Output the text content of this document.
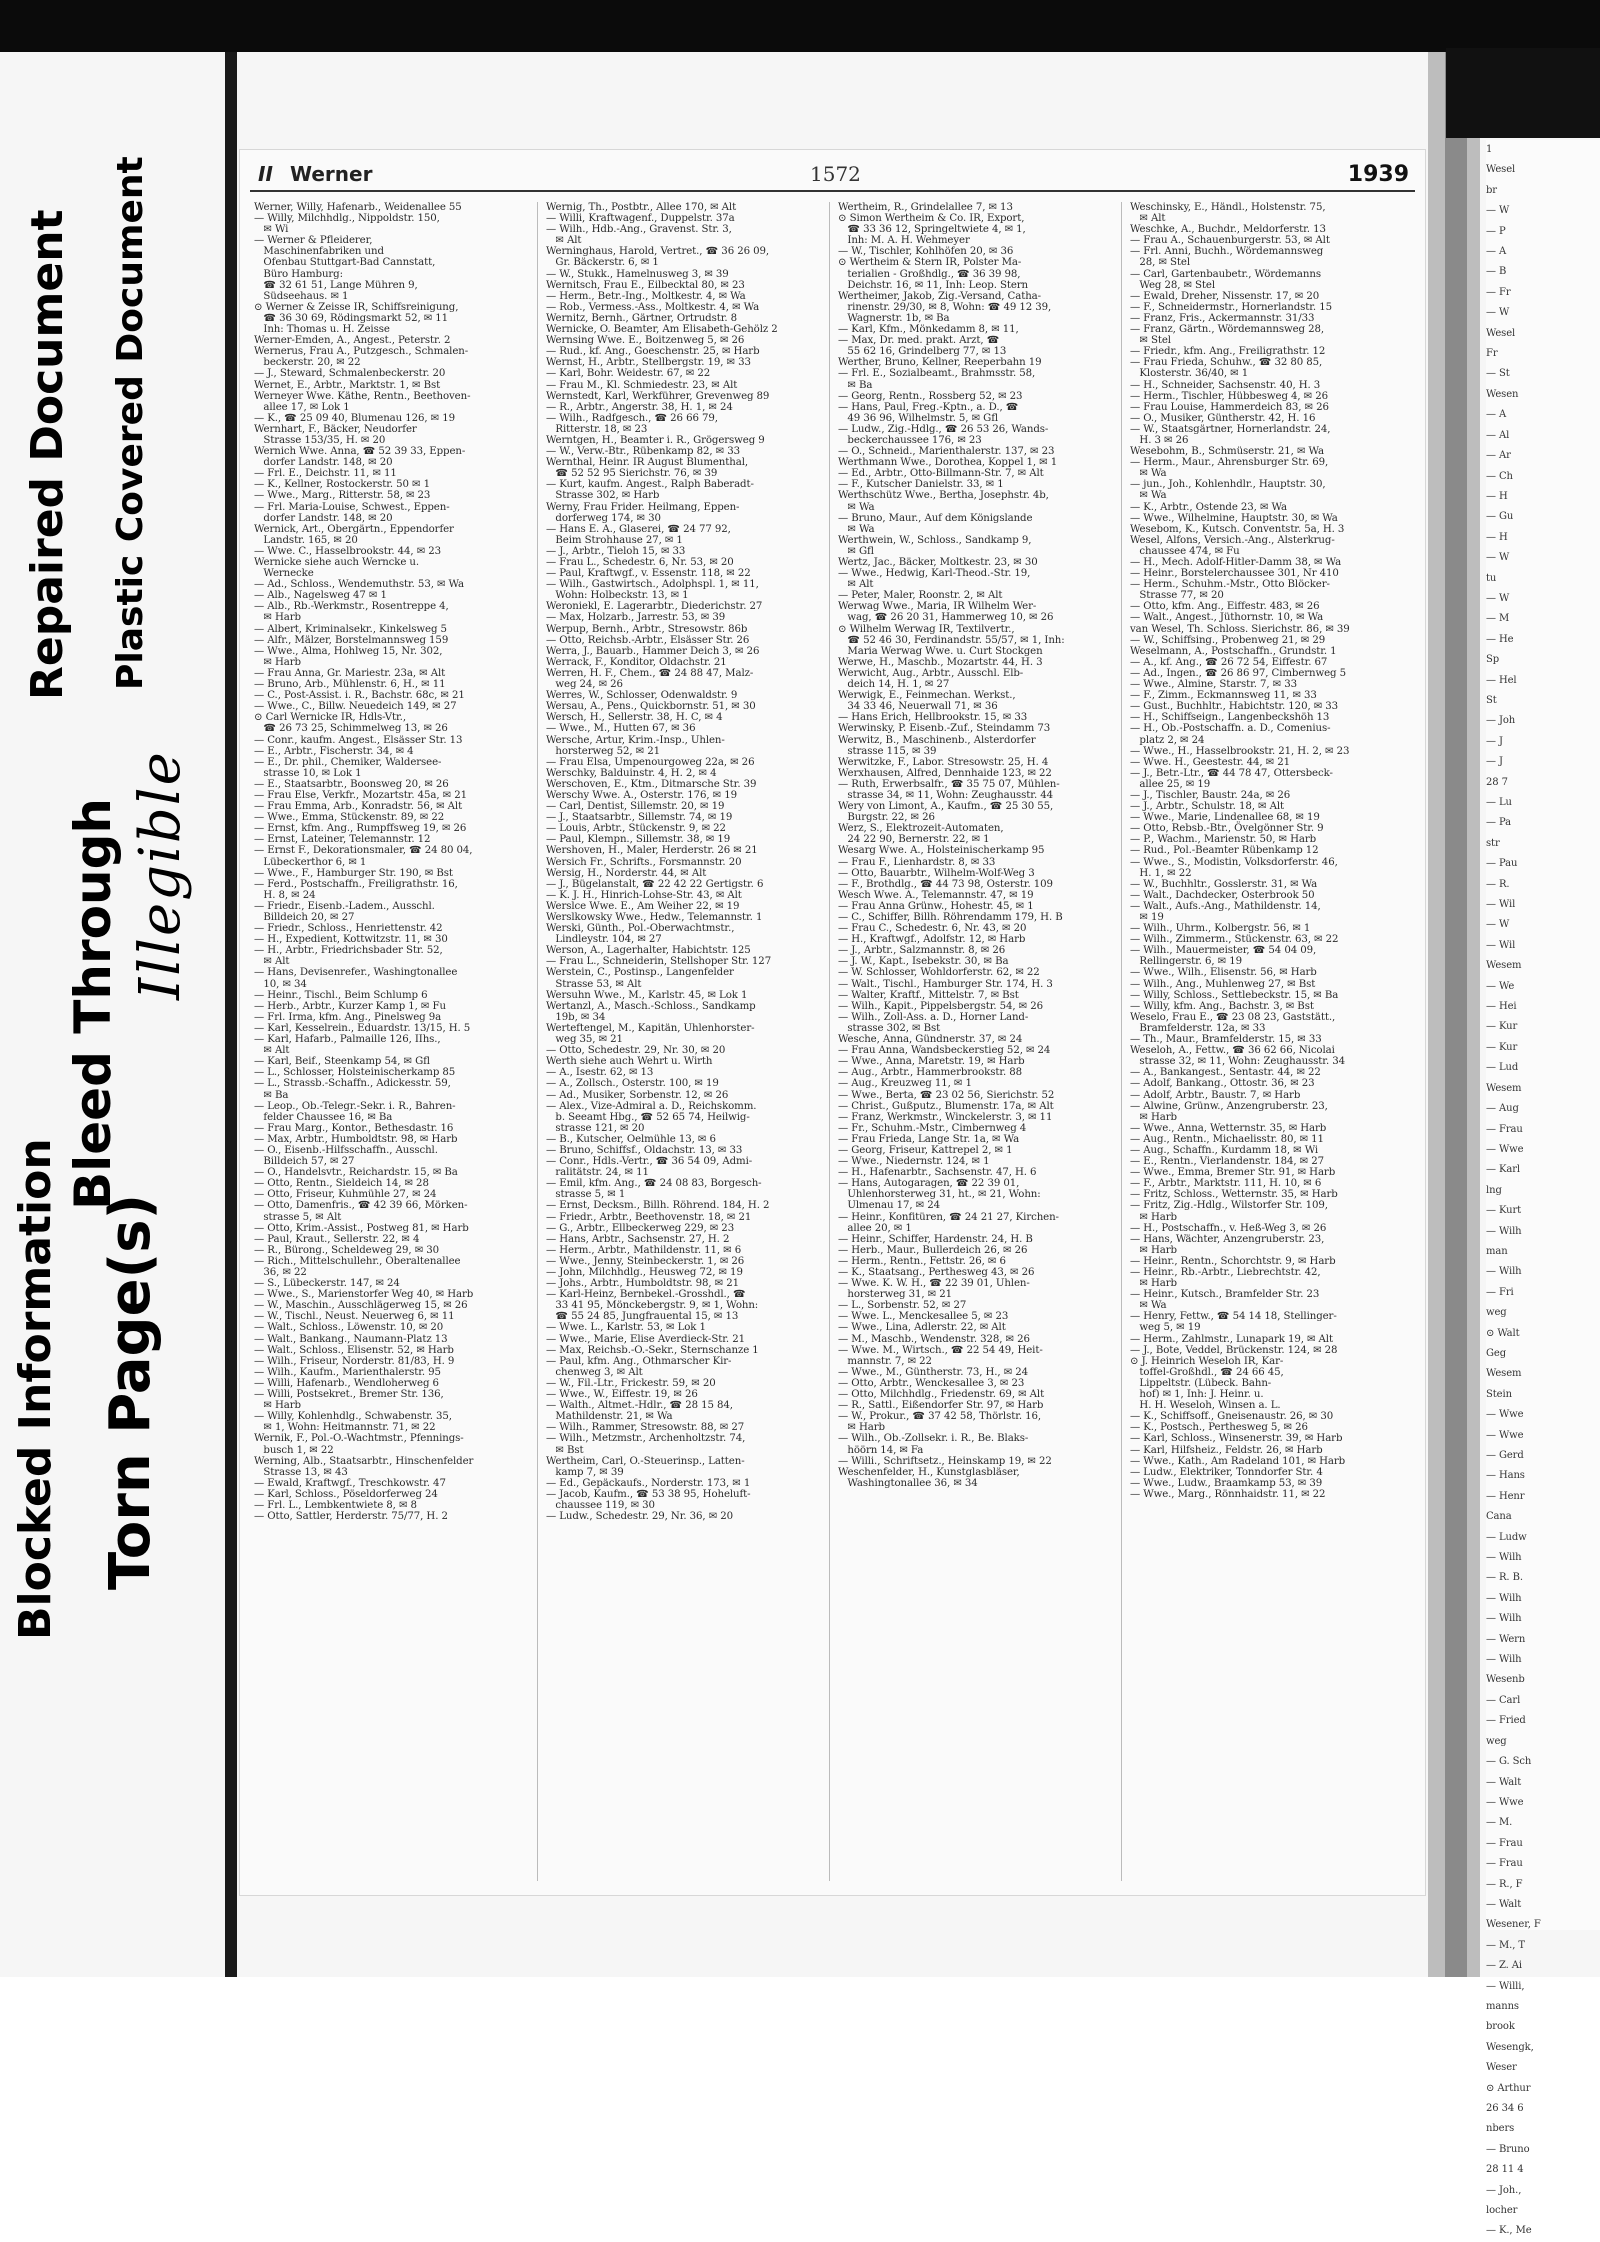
1
Wesel
br
— W
— P
— A
— B
— Fr
— W
Wesel
Fr
— St
Wesen
— A
— Al
— Ar
— Ch
— H
— Gu
— H
— W
tu
— W
— M
— He
Sp
— Hel
St
— Joh
— J
— J
28 7
— Lu
— Pa
str
— Pau
— R.
— Wil
— W
— Wil
Wesem
— We
— Hei
— Kur
— Kur
— Lud
Wesem
— Aug
— Frau
— Wwe
— Karl
lng
— Kurt
— Wilh
man
— Wilh
— Fri
weg
⊙ Walt
Geg
Wesem
Stein
— Wwe
— Wwe
— Gerd
— Hans
— Henr
Cana
— Ludw
— Wilh
— R. B.
— Wilh
— Wilh
— Wern
— Wilh
Wesenb
— Carl
— Fried
weg
— G. Sch
— Walt
— Wwe
— M.
— Frau
— Frau
— R., F
— Walt
Wesener, F
— M., T
— Z. Ai
— Willi,
manns
brook
Wesengk,
Weser
⊙ Arthur
26 34 6
nbers
— Bruno
28 11 4
— Joh.,
locher
— K., Me
II Werner	1572	1939
Werner, Willy, Hafenarb., Weidenallee 55
— Willy, Milchhdlg., Nippoldstr. 150,
✉ Wi
— Werner & Pfleiderer,
Maschinenfabriken und
Ofenbau Stuttgart-Bad Cannstatt,
Büro Hamburg:
☎ 32 61 51, Lange Mühren 9,
Südseehaus. ✉ 1
⊙ Werner & Zeisse IR, Schiffsreinigung,
☎ 36 30 69, Rödingsmarkt 52, ✉ 11
Inh: Thomas u. H. Zeisse
Werner-Emden, A., Angest., Peterstr. 2
Wernerus, Frau A., Putzgesch., Schmalen-
beckerstr. 20, ✉ 22
— J., Steward, Schmalenbeckerstr. 20
Wernet, E., Arbtr., Marktstr. 1, ✉ Bst
Werneyer Wwe. Käthe, Rentn., Beethoven-
allee 17, ✉ Lok 1
— K., ☎ 25 09 40, Blumenau 126, ✉ 19
Wernhart, F., Bäcker, Neudorfer
Strasse 153/35, H. ✉ 20
Wernich Wwe. Anna, ☎ 52 39 33, Eppen-
dorfer Landstr. 148, ✉ 20
— Frl. E., Deichstr. 11, ✉ 11
— K., Kellner, Rostockerstr. 50 ✉ 1
— Wwe., Marg., Ritterstr. 58, ✉ 23
— Frl. Maria-Louise, Schwest., Eppen-
dorfer Landstr. 148, ✉ 20
Wernick, Art., Obergärtn., Eppendorfer
Landstr. 165, ✉ 20
— Wwe. C., Hasselbrookstr. 44, ✉ 23
Wernicke siehe auch Werncke u.
Wernecke
— Ad., Schloss., Wendemuthstr. 53, ✉ Wa
— Alb., Nagelsweg 47 ✉ 1
— Alb., Rb.-Werkmstr., Rosentreppe 4,
✉ Harb
— Albert, Kriminalsekr., Kinkelsweg 5
— Alfr., Mälzer, Borstelmannsweg 159
— Wwe., Alma, Hohlweg 15, Nr. 302,
✉ Harb
— Frau Anna, Gr. Mariestr. 23a, ✉ Alt
— Bruno, Arb., Mühlenstr. 6, H., ✉ 11
— C., Post-Assist. i. R., Bachstr. 68c, ✉ 21
— Wwe., C., Billw. Neuedeich 149, ✉ 27
⊙ Carl Wernicke IR, Hdls-Vtr.,
☎ 26 73 25, Schimmelweg 13, ✉ 26
— Conr., kaufm. Angest., Elsässer Str. 13
— E., Arbtr., Fischerstr. 34, ✉ 4
— E., Dr. phil., Chemiker, Waldersee-
strasse 10, ✉ Lok 1
— E., Staatsarbtr., Boonsweg 20, ✉ 26
— Frau Else, Verkfr., Mozartstr. 45a, ✉ 21
— Frau Emma, Arb., Konradstr. 56, ✉ Alt
— Wwe., Emma, Stückenstr. 89, ✉ 22
— Ernst, kfm. Ang., Rumpffsweg 19, ✉ 26
— Ernst, Lateiner, Telemannstr. 12
— Ernst F., Dekorationsmaler, ☎ 24 80 04,
Lübeckerthor 6, ✉ 1
— Wwe., F., Hamburger Str. 190, ✉ Bst
— Ferd., Postschaffn., Freiligrathstr. 16,
H. 8, ✉ 24
— Friedr., Eisenb.-Ladem., Ausschl.
Billdeich 20, ✉ 27
— Friedr., Schloss., Henriettenstr. 42
— H., Expedient, Kottwitzstr. 11, ✉ 30
— H., Arbtr., Friedrichsbader Str. 52,
✉ Alt
— Hans, Devisenrefer., Washingtonallee
10, ✉ 34
— Heinr., Tischl., Beim Schlump 6
— Herb., Arbtr., Kurzer Kamp 1, ✉ Fu
— Frl. Irma, kfm. Ang., Pinelsweg 9a
— Karl, Kesselrein., Eduardstr. 13/15, H. 5
— Karl, Hafarb., Palmaille 126, IIhs.,
✉ Alt
— Karl, Beif., Steenkamp 54, ✉ Gfl
— L., Schlosser, Holsteinischerkamp 85
— L., Strassb.-Schaffn., Adickesstr. 59,
✉ Ba
— Leop., Ob.-Telegr.-Sekr. i. R., Bahren-
felder Chaussee 16, ✉ Ba
— Frau Marg., Kontor., Bethesdastr. 16
— Max, Arbtr., Humboldtstr. 98, ✉ Harb
— O., Eisenb.-Hilfsschaffn., Ausschl.
Billdeich 57, ✉ 27
— O., Handelsvtr., Reichardstr. 15, ✉ Ba
— Otto, Rentn., Sieldeich 14, ✉ 28
— Otto, Friseur, Kuhmühle 27, ✉ 24
— Otto, Damenfris., ☎ 42 39 66, Mörken-
strasse 5, ✉ Alt
— Otto, Krim.-Assist., Postweg 81, ✉ Harb
— Paul, Kraut., Sellerstr. 22, ✉ 4
— R., Bürong., Scheldeweg 29, ✉ 30
— Rich., Mittelschullehr., Oberaltenallee
36, ✉ 22
— S., Lübeckerstr. 147, ✉ 24
— Wwe., S., Marienstorfer Weg 40, ✉ Harb
— W., Maschin., Ausschlägerweg 15, ✉ 26
— W., Tischl., Neust. Neuerweg 6, ✉ 11
— Walt., Schloss., Löwenstr. 10, ✉ 20
— Walt., Bankang., Naumann-Platz 13
— Walt., Schloss., Elisenstr. 52, ✉ Harb
— Wilh., Friseur, Norderstr. 81/83, H. 9
— Wilh., Kaufm., Marienthalerstr. 95
— Willi, Hafenarb., Wendloherweg 6
— Willi, Postsekret., Bremer Str. 136,
✉ Harb
— Willy, Kohlenhdlg., Schwabenstr. 35,
✉ 1, Wohn: Heitmannstr. 71, ✉ 22
Wernik, F., Pol.-O.-Wachtmstr., Pfennings-
busch 1, ✉ 22
Werning, Alb., Staatsarbtr., Hinschenfelder
Strasse 13, ✉ 43
— Ewald, Kraftwgf., Treschkowstr. 47
— Karl, Schloss., Pöseldorferweg 24
— Frl. L., Lembkentwiete 8, ✉ 8
— Otto, Sattler, Herderstr. 75/77, H. 2
Wernig, Th., Postbtr., Allee 170, ✉ Alt
— Willi, Kraftwagenf., Duppelstr. 37a
— Wilh., Hdb.-Ang., Gravenst. Str. 3,
✉ Alt
Werninghaus, Harold, Vertret., ☎ 36 26 09,
Gr. Bäckerstr. 6, ✉ 1
— W., Stukk., Hamelnusweg 3, ✉ 39
Wernitsch, Frau E., Eilbecktal 80, ✉ 23
— Herm., Betr.-Ing., Moltkestr. 4, ✉ Wa
— Rob., Vermess.-Ass., Moltkestr. 4, ✉ Wa
Wernitz, Bernh., Gärtner, Ortrudstr. 8
Wernicke, O. Beamter, Am Elisabeth-Gehölz 2
Wernsing Wwe. E., Boitzenweg 5, ✉ 26
— Rud., kf. Ang., Goeschenstr. 25, ✉ Harb
Wernst, H., Arbtr., Stellbergstr. 19, ✉ 33
— Karl, Bohr. Weidestr. 67, ✉ 22
— Frau M., Kl. Schmiedestr. 23, ✉ Alt
Wernstedt, Karl, Werkführer, Grevenweg 89
— R., Arbtr., Angerstr. 38, H. 1, ✉ 24
— Wilh., Radfgesch., ☎ 26 66 79,
Ritterstr. 18, ✉ 23
Werntgen, H., Beamter i. R., Grögersweg 9
— W., Verw.-Btr., Rübenkamp 82, ✉ 33
Wernthal, Heinr. IR August Blumenthal,
☎ 52 52 95 Sierichstr. 76, ✉ 39
— Kurt, kaufm. Angest., Ralph Baberadt-
Strasse 302, ✉ Harb
Werny, Frau Frider. Heilmang, Eppen-
dorferweg 174, ✉ 30
— Hans E. A., Glaserei, ☎ 24 77 92,
Beim Strohhause 27, ✉ 1
— J., Arbtr., Tieloh 15, ✉ 33
— Frau L., Schedestr. 6, Nr. 53, ✉ 20
— Paul, Kraftwgf., v. Essenstr. 118, ✉ 22
— Wilh., Gastwirtsch., Adolphspl. 1, ✉ 11,
Wohn: Holbeckstr. 13, ✉ 1
Weroniekl, E. Lagerarbtr., Diederichstr. 27
— Max, Holzarb., Jarrestr. 53, ✉ 39
Werpup, Bernh., Arbtr., Stresowstr. 86b
— Otto, Reichsb.-Arbtr., Elsässer Str. 26
Werra, J., Bauarb., Hammer Deich 3, ✉ 26
Werrack, F., Konditor, Oldachstr. 21
Werren, H. F., Chem., ☎ 24 88 47, Malz-
weg 24, ✉ 26
Werres, W., Schlosser, Odenwaldstr. 9
Wersau, A., Pens., Quickbornstr. 51, ✉ 30
Wersch, H., Sellerstr. 38, H. C, ✉ 4
— Wwe., M., Hutten 67, ✉ 36
Wersche, Artur, Krim.-Insp., Uhlen-
horsterweg 52, ✉ 21
— Frau Elsa, Umpenourgoweg 22a, ✉ 26
Werschky, Balduinstr. 4, H. 2, ✉ 4
Werschoven, E., Ktm., Ditmarsche Str. 39
Werschy Wwe. A., Osterstr. 176, ✉ 19
— Carl, Dentist, Sillemstr. 20, ✉ 19
— J., Staatsarbtr., Sillemstr. 74, ✉ 19
— Louis, Arbtr., Stückenstr. 9, ✉ 22
— Paul, Klempn., Sillemstr. 38, ✉ 19
Wershoven, H., Maler, Herderstr. 26 ✉ 21
Wersich Fr., Schrifts., Forsmannstr. 20
Wersig, H., Norderstr. 44, ✉ Alt
— J., Bügelanstalt, ☎ 22 42 22 Gertigstr. 6
— K. J. H., Hinrich-Lohse-Str. 43, ✉ Alt
Werslce Wwe. E., Am Weiher 22, ✉ 19
Werslkowsky Wwe., Hedw., Telemannstr. 1
Werski, Günth., Pol.-Oberwachtmstr.,
Lindleystr. 104, ✉ 27
Werson, A., Lagerhalter, Habichtstr. 125
— Frau L., Schneiderin, Stellshoper Str. 127
Werstein, C., Postinsp., Langenfelder
Strasse 53, ✉ Alt
Wersuhn Wwe., M., Karlstr. 45, ✉ Lok 1
Wertanzl, A., Masch.-Schloss., Sandkamp
19b, ✉ 34
Werteftengel, M., Kapitän, Uhlenhorster-
weg 35, ✉ 21
— Otto, Schedestr. 29, Nr. 30, ✉ 20
Werth siehe auch Wehrt u. Wirth
— A., Isestr. 62, ✉ 13
— A., Zollsch., Osterstr. 100, ✉ 19
— Ad., Musiker, Sorbenstr. 12, ✉ 26
— Alex., Vize-Admiral a. D., Reichskomm.
b. Seeamt Hbg., ☎ 52 65 74, Heilwig-
strasse 121, ✉ 20
— B., Kutscher, Oelmühle 13, ✉ 6
— Bruno, Schiffsf., Oldachstr. 13, ✉ 33
— Conr., Hdls.-Vertr., ☎ 36 54 09, Admi-
ralitätstr. 24, ✉ 11
— Emil, kfm. Ang., ☎ 24 08 83, Borgesch-
strasse 5, ✉ 1
— Ernst, Decksm., Billh. Röhrend. 184, H. 2
— Friedr., Arbtr., Beethovenstr. 18, ✉ 21
— G., Arbtr., Ellbeckerweg 229, ✉ 23
— Hans, Arbtr., Sachsenstr. 27, H. 2
— Herm., Arbtr., Mathildenstr. 11, ✉ 6
— Wwe., Jenny, Steinbeckerstr. 1, ✉ 26
— John, Milchhdlg., Heusweg 72, ✉ 19
— Johs., Arbtr., Humboldtstr. 98, ✉ 21
— Karl-Heinz, Bernbekel.-Grosshdl., ☎
33 41 95, Mönckebergstr. 9, ✉ 1, Wohn:
☎ 55 24 85, Jungfrauental 15, ✉ 13
— Wwe. L., Karlstr. 53, ✉ Lok 1
— Wwe., Marie, Elise Averdieck-Str. 21
— Max, Reichsb.-O.-Sekr., Sternschanze 1
— Paul, kfm. Ang., Othmarscher Kir-
chenweg 3, ✉ Alt
— W., Fil.-Ltr., Frickestr. 59, ✉ 20
— Wwe., W., Eiffestr. 19, ✉ 26
— Walth., Altmet.-Hdlr., ☎ 28 15 84,
Mathildenstr. 21, ✉ Wa
— Wilh., Rammer, Stresowstr. 88, ✉ 27
— Wilh., Metzmstr., Archenholtzstr. 74,
✉ Bst
Wertheim, Carl, O.-Steuerinsp., Latten-
kamp 7, ✉ 39
— Ed., Gepäckaufs., Norderstr. 173, ✉ 1
— Jacob, Kaufm., ☎ 53 38 95, Hoheluft-
chaussee 119, ✉ 30
— Ludw., Schedestr. 29, Nr. 36, ✉ 20
Wertheim, R., Grindelallee 7, ✉ 13
⊙ Simon Wertheim & Co. IR, Export,
☎ 33 36 12, Springeltwiete 4, ✉ 1,
Inh: M. A. H. Wehmeyer
— W., Tischler, Kohlhöfen 20, ✉ 36
⊙ Wertheim & Stern IR, Polster Ma-
terialien - Großhdlg., ☎ 36 39 98,
Deichstr. 16, ✉ 11, Inh: Leop. Stern
Wertheimer, Jakob, Zig.-Versand, Catha-
rinenstr. 29/30, ✉ 8, Wohn: ☎ 49 12 39,
Wagnerstr. 1b, ✉ Ba
— Karl, Kfm., Mönkedamm 8, ✉ 11,
— Max, Dr. med. prakt. Arzt, ☎
55 62 16, Grindelberg 77, ✉ 13
Werther, Bruno, Kellner, Reeperbahn 19
— Frl. E., Sozialbeamt., Brahmsstr. 58,
✉ Ba
— Georg, Rentn., Rossberg 52, ✉ 23
— Hans, Paul, Freg.-Kptn., a. D., ☎
49 36 96, Wilhelmstr. 5, ✉ Gfl
— Ludw., Zig.-Hdlg., ☎ 26 53 26, Wands-
beckerchaussee 176, ✉ 23
— O., Schneid., Marienthalerstr. 137, ✉ 23
Werthmann Wwe., Dorothea, Koppel 1, ✉ 1
— Ed., Arbtr., Otto-Billmann-Str. 7, ✉ Alt
— F., Kutscher Danielstr. 33, ✉ 1
Werthschütz Wwe., Bertha, Josephstr. 4b,
✉ Wa
— Bruno, Maur., Auf dem Königslande
✉ Wa
Werthwein, W., Schloss., Sandkamp 9,
✉ Gfl
Wertz, Jac., Bäcker, Moltkestr. 23, ✉ 30
— Wwe., Hedwig, Karl-Theod.-Str. 19,
✉ Alt
— Peter, Maler, Roonstr. 2, ✉ Alt
Werwag Wwe., Maria, IR Wilhelm Wer-
wag, ☎ 26 20 31, Hammerweg 10, ✉ 26
⊙ Wilhelm Werwag IR, Textilvertr.,
☎ 52 46 30, Ferdinandstr. 55/57, ✉ 1, Inh:
Maria Werwag Wwe. u. Curt Stockgen
Werwe, H., Maschb., Mozartstr. 44, H. 3
Werwicht, Aug., Arbtr., Ausschl. Elb-
deich 14, H. 1, ✉ 27
Werwigk, E., Feinmechan. Werkst.,
34 33 46, Neuerwall 71, ✉ 36
— Hans Erich, Hellbrookstr. 15, ✉ 33
Werwinsky, P. Eisenb.-Zuf., Steindamm 73
Werwitz, B., Maschinenb., Alsterdorfer
strasse 115, ✉ 39
Werwitzke, F., Labor. Stresowstr. 25, H. 4
Werxhausen, Alfred, Dennhaide 123, ✉ 22
— Ruth, Erwerbsalfr., ☎ 35 75 07, Mühlen-
strasse 34, ✉ 11, Wohn: Zeughausstr. 44
Wery von Limont, A., Kaufm., ☎ 25 30 55,
Burgstr. 22, ✉ 26
Werz, S., Elektrozeit-Automaten,
24 22 90, Bernerstr. 22, ✉ 1
Wesarg Wwe. A., Holsteinischerkamp 95
— Frau F., Lienhardstr. 8, ✉ 33
— Otto, Bauarbtr., Wilhelm-Wolf-Weg 3
— F., Brothdlg., ☎ 44 73 98, Osterstr. 109
Wesch Wwe. A., Telemannstr. 47, ✉ 19
— Frau Anna Grünw., Hohestr. 45, ✉ 1
— C., Schiffer, Billh. Röhrendamm 179, H. B
— Frau C., Schedestr. 6, Nr. 43, ✉ 20
— H., Kraftwgf., Adolfstr. 12, ✉ Harb
— J., Arbtr., Salzmannstr. 8, ✉ 26
— J. W., Kapt., Isebekstr. 30, ✉ Ba
— W. Schlosser, Wohldorferstr. 62, ✉ 22
— Walt., Tischl., Hamburger Str. 174, H. 3
— Walter, Kraftf., Mittelstr. 7, ✉ Bst
— Wilh., Kapit., Pippelsbergstr. 54, ✉ 26
— Wilh., Zoll-Ass. a. D., Horner Land-
strasse 302, ✉ Bst
Wesche, Anna, Gündnerstr. 37, ✉ 24
— Frau Anna, Wandsbeckerstieg 52, ✉ 24
— Wwe., Anna, Maretstr. 19, ✉ Harb
— Aug., Arbtr., Hammerbrookstr. 88
— Aug., Kreuzweg 11, ✉ 1
— Wwe., Berta, ☎ 23 02 56, Sierichstr. 52
— Christ., Gußputz., Blumenstr. 17a, ✉ Alt
— Franz, Werkmstr., Winckelerstr. 3, ✉ 11
— Fr., Schuhm.-Mstr., Cimbernweg 4
— Frau Frieda, Lange Str. 1a, ✉ Wa
— Georg, Friseur, Kattrepel 2, ✉ 1
— Wwe., Niedernstr. 124, ✉ 1
— H., Hafenarbtr., Sachsenstr. 47, H. 6
— Hans, Autogaragen, ☎ 22 39 01,
Uhlenhorsterweg 31, ht., ✉ 21, Wohn:
Ulmenau 17, ✉ 24
— Heinr., Konfitüren, ☎ 24 21 27, Kirchen-
allee 20, ✉ 1
— Heinr., Schiffer, Hardenstr. 24, H. B
— Herb., Maur., Bullerdeich 26, ✉ 26
— Herm., Rentn., Fettstr. 26, ✉ 6
— K., Staatsang., Perthesweg 43, ✉ 26
— Wwe. K. W. H., ☎ 22 39 01, Uhlen-
horsterweg 31, ✉ 21
— L., Sorbenstr. 52, ✉ 27
— Wwe. L., Menckesallee 5, ✉ 23
— Wwe., Lina, Adlerstr. 22, ✉ Alt
— M., Maschb., Wendenstr. 328, ✉ 26
— Wwe. M., Wirtsch., ☎ 22 54 49, Heit-
mannstr. 7, ✉ 22
— Wwe., M., Güntherstr. 73, H., ✉ 24
— Otto, Arbtr., Wenckesallee 3, ✉ 23
— Otto, Milchhdlg., Friedenstr. 69, ✉ Alt
— R., Sattl., Eißendorfer Str. 97, ✉ Harb
— W., Prokur., ☎ 37 42 58, Thörlstr. 16,
✉ Harb
— Wilh., Ob.-Zollsekr. i. R., Be. Blaks-
höörn 14, ✉ Fa
— Willi., Schriftsetz., Heinskamp 19, ✉ 22
Weschenfelder, H., Kunstglasbläser,
Washingtonallee 36, ✉ 34
Weschinsky, E., Händl., Holstenstr. 75,
✉ Alt
Weschke, A., Buchdr., Meldorferstr. 13
— Frau A., Schauenburgerstr. 53, ✉ Alt
— Frl. Anni, Buchh., Wördemannsweg
28, ✉ Stel
— Carl, Gartenbaubetr., Wördemanns
Weg 28, ✉ Stel
— Ewald, Dreher, Nissenstr. 17, ✉ 20
— F., Schneidermstr., Hornerlandstr. 15
— Franz, Fris., Ackermannstr. 31/33
— Franz, Gärtn., Wördemannsweg 28,
✉ Stel
— Friedr., kfm. Ang., Freiligrathstr. 12
— Frau Frieda, Schuhw., ☎ 32 80 85,
Klosterstr. 36/40, ✉ 1
— H., Schneider, Sachsenstr. 40, H. 3
— Herm., Tischler, Hübbesweg 4, ✉ 26
— Frau Louise, Hammerdeich 83, ✉ 26
— O., Musiker, Güntherstr. 42, H. 16
— W., Staatsgärtner, Hornerlandstr. 24,
H. 3 ✉ 26
Wesebohm, B., Schmüserstr. 21, ✉ Wa
— Herm., Maur., Ahrensburger Str. 69,
✉ Wa
— jun., Joh., Kohlenhdlr., Hauptstr. 30,
✉ Wa
— K., Arbtr., Ostende 23, ✉ Wa
— Wwe., Wilhelmine, Hauptstr. 30, ✉ Wa
Wesebom, K., Kutsch. Conventstr. 5a, H. 3
Wesel, Alfons, Versich.-Ang., Alsterkrug-
chaussee 474, ✉ Fu
— H., Mech. Adolf-Hitler-Damm 38, ✉ Wa
— Heinr., Borstelerchaussee 301, Nr 410
— Herm., Schuhm.-Mstr., Otto Blöcker-
Strasse 77, ✉ 20
— Otto, kfm. Ang., Eiffestr. 483, ✉ 26
— Walt., Angest., Jüthornstr. 10, ✉ Wa
van Wesel, Th. Schloss. Sierichstr. 86, ✉ 39
— W., Schiffsing., Probenweg 21, ✉ 29
Weselmann, A., Postschaffn., Grundstr. 1
— A., kf. Ang., ☎ 26 72 54, Eiffestr. 67
— Ad., Ingen., ☎ 26 86 97, Cimbernweg 5
— Wwe., Almine, Starstr. 7, ✉ 33
— F., Zimm., Eckmannsweg 11, ✉ 33
— Gust., Buchhltr., Habichtstr. 120, ✉ 33
— H., Schiffseign., Langenbeckshöh 13
— H., Ob.-Postschaffn. a. D., Comenius-
platz 2, ✉ 24
— Wwe., H., Hasselbrookstr. 21, H. 2, ✉ 23
— Wwe. H., Geestestr. 44, ✉ 21
— J., Betr.-Ltr., ☎ 44 78 47, Ottersbeck-
allee 25, ✉ 19
— J., Tischler, Baustr. 24a, ✉ 26
— J., Arbtr., Schulstr. 18, ✉ Alt
— Wwe., Marie, Lindenallee 68, ✉ 19
— Otto, Rebsb.-Btr., Övelgönner Str. 9
— P., Wachm., Marienstr. 50, ✉ Harb
— Rud., Pol.-Beamter Rübenkamp 12
— Wwe., S., Modistin, Volksdorferstr. 46,
H. 1, ✉ 22
— W., Buchhltr., Gosslerstr. 31, ✉ Wa
— Walt., Dachdecker, Osterbrook 50
— Walt., Aufs.-Ang., Mathildenstr. 14,
✉ 19
— Wilh., Uhrm., Kolbergstr. 56, ✉ 1
— Wilh., Zimmerm., Stückenstr. 63, ✉ 22
— Wilh., Mauermeister, ☎ 54 04 09,
Rellingerstr. 6, ✉ 19
— Wwe., Wilh., Elisenstr. 56, ✉ Harb
— Wilh., Ang., Muhlenweg 27, ✉ Bst
— Willy, Schloss., Settlebeckstr. 15, ✉ Ba
— Willy, kfm. Ang., Bachstr. 3, ✉ Bst
Weselo, Frau E., ☎ 23 08 23, Gaststätt.,
Bramfelderstr. 12a, ✉ 33
— Th., Maur., Bramfelderstr. 15, ✉ 33
Weseloh, A., Fettw., ☎ 36 62 66, Nicolai
strasse 32, ✉ 11, Wohn: Zeughausstr. 34
— A., Bankangest., Sentastr. 44, ✉ 22
— Adolf, Bankang., Ottostr. 36, ✉ 23
— Adolf, Arbtr., Baustr. 7, ✉ Harb
— Alwine, Grünw., Anzengruberstr. 23,
✉ Harb
— Wwe., Anna, Wetternstr. 35, ✉ Harb
— Aug., Rentn., Michaelisstr. 80, ✉ 11
— Aug., Schaffn., Kurdamm 18, ✉ Wi
— E., Rentn., Vierlandenstr. 184, ✉ 27
— Wwe., Emma, Bremer Str. 91, ✉ Harb
— F., Arbtr., Marktstr. 111, H. 10, ✉ 6
— Fritz, Schloss., Wetternstr. 35, ✉ Harb
— Fritz, Zig.-Hdlg., Wilstorfer Str. 109,
✉ Harb
— H., Postschaffn., v. Heß-Weg 3, ✉ 26
— Hans, Wächter, Anzengruberstr. 23,
✉ Harb
— Heinr., Rentn., Schorchtstr. 9, ✉ Harb
— Heinr., Rb.-Arbtr., Liebrechtstr. 42,
✉ Harb
— Heinr., Kutsch., Bramfelder Str. 23
✉ Wa
— Henry, Fettw., ☎ 54 14 18, Stellinger-
weg 5, ✉ 19
— Herm., Zahlmstr., Lunapark 19, ✉ Alt
— J., Bote, Veddel, Brückenstr. 124, ✉ 28
⊙ J. Heinrich Weseloh IR, Kar-
toffel-Großhdl., ☎ 24 66 45,
Lippeltstr. (Lübeck. Bahn-
hof) ✉ 1, Inh: J. Heinr. u.
H. H. Weseloh, Winsen a. L.
— K., Schiffsoff., Gneisenaustr. 26, ✉ 30
— K., Postsch., Perthesweg 5, ✉ 26
— Karl, Schloss., Winsenerstr. 39, ✉ Harb
— Karl, Hilfsheiz., Feldstr. 26, ✉ Harb
— Wwe., Kath., Am Radeland 101, ✉ Harb
— Ludw., Elektriker, Tonndorfer Str. 4
— Wwe., Ludw., Braamkamp 53, ✉ 39
— Wwe., Marg., Rönnhaidstr. 11, ✉ 22
Blocked Information
Repaired Document Plastic Covered Document
Bleed Through
Torn Page(s)
Illegible
